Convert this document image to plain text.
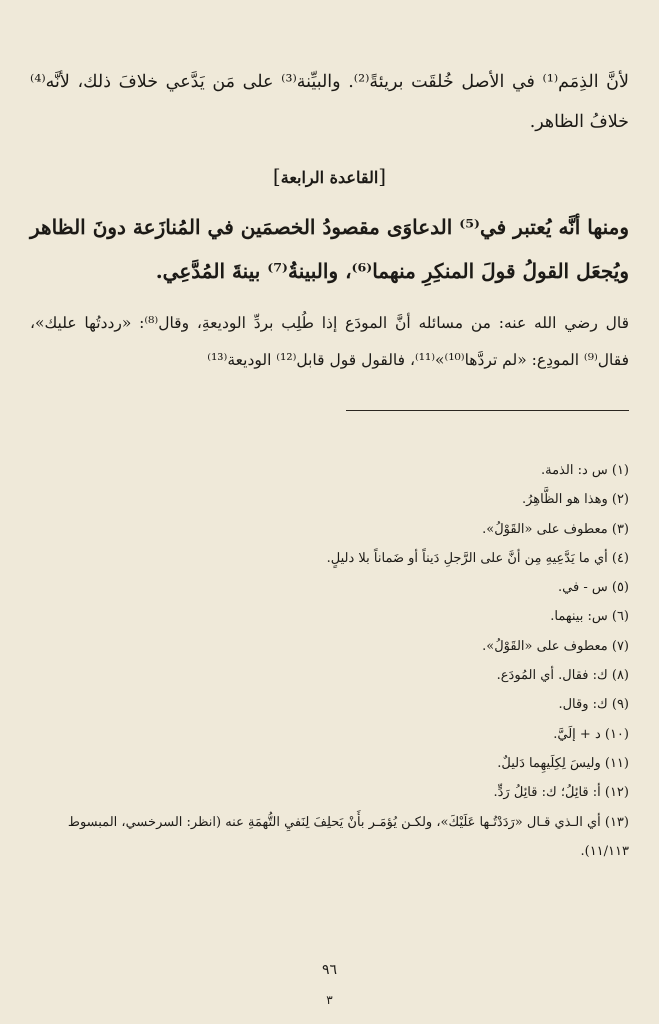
لأنَّ الذِمَم⁽¹⁾ في الأصل خُلقَت بريئةً⁽²⁾. والبيِّنة⁽³⁾ على مَن يَدَّعي خلافَ ذلك، لأنَّه⁽⁴⁾ خلافُ الظاهر.
[القاعدة الرابعة]
ومنها أنَّه يُعتبر في⁽⁵⁾ الدعاوَى مقصودُ الخصمَين في المُنازَعة دونَ الظاهر ويُجعَل القولُ قولَ المنكِرِ منهما⁽⁶⁾، والبينةُ⁽⁷⁾ بينةَ المُدَّعِي.
قال رضي الله عنه: من مسائله أنَّ المودَع إذا طُلِب بردِّ الوديعةِ، وقال⁽⁸⁾: «رددتُها عليك»، فقال⁽⁹⁾ المودِع: «لم تردَّها⁽¹⁰⁾»⁽¹¹⁾، فالقول قول قابل⁽¹²⁾ الوديعة⁽¹³⁾
(١) س د: الذمة.
(٢) وهذا هو الظَّاهِرُ.
(٣) معطوف على «القَوْلُ».
(٤) أي ما يَدَّعِيهِ مِن أنَّ على الرَّجلِ دَيناً أو ضَماناً بلا دليلٍ.
(٥) س - في.
(٦) س: بينهما.
(٧) معطوف على «القَوْلُ».
(٨) ك: فقال. أي المُودَع.
(٩) ك: وقال.
(١٠) د + إلَيَّ.
(١١) وليسَ لِكِلَيهِما دَليلٌ.
(١٢) أ: قائِلُ؛ ك: قائِلُ رَدٍّ.
(١٣) أي الـذي قـال «رَدَدْتُـها عَلَيْكَ»، ولكـن يُؤمَـر بأَنْ يَحلِفَ لِنَفيِ التُّهمَةِ عنه (انظر: السرخسي، المبسوط ١١/١١٣).
٩٦
٣
